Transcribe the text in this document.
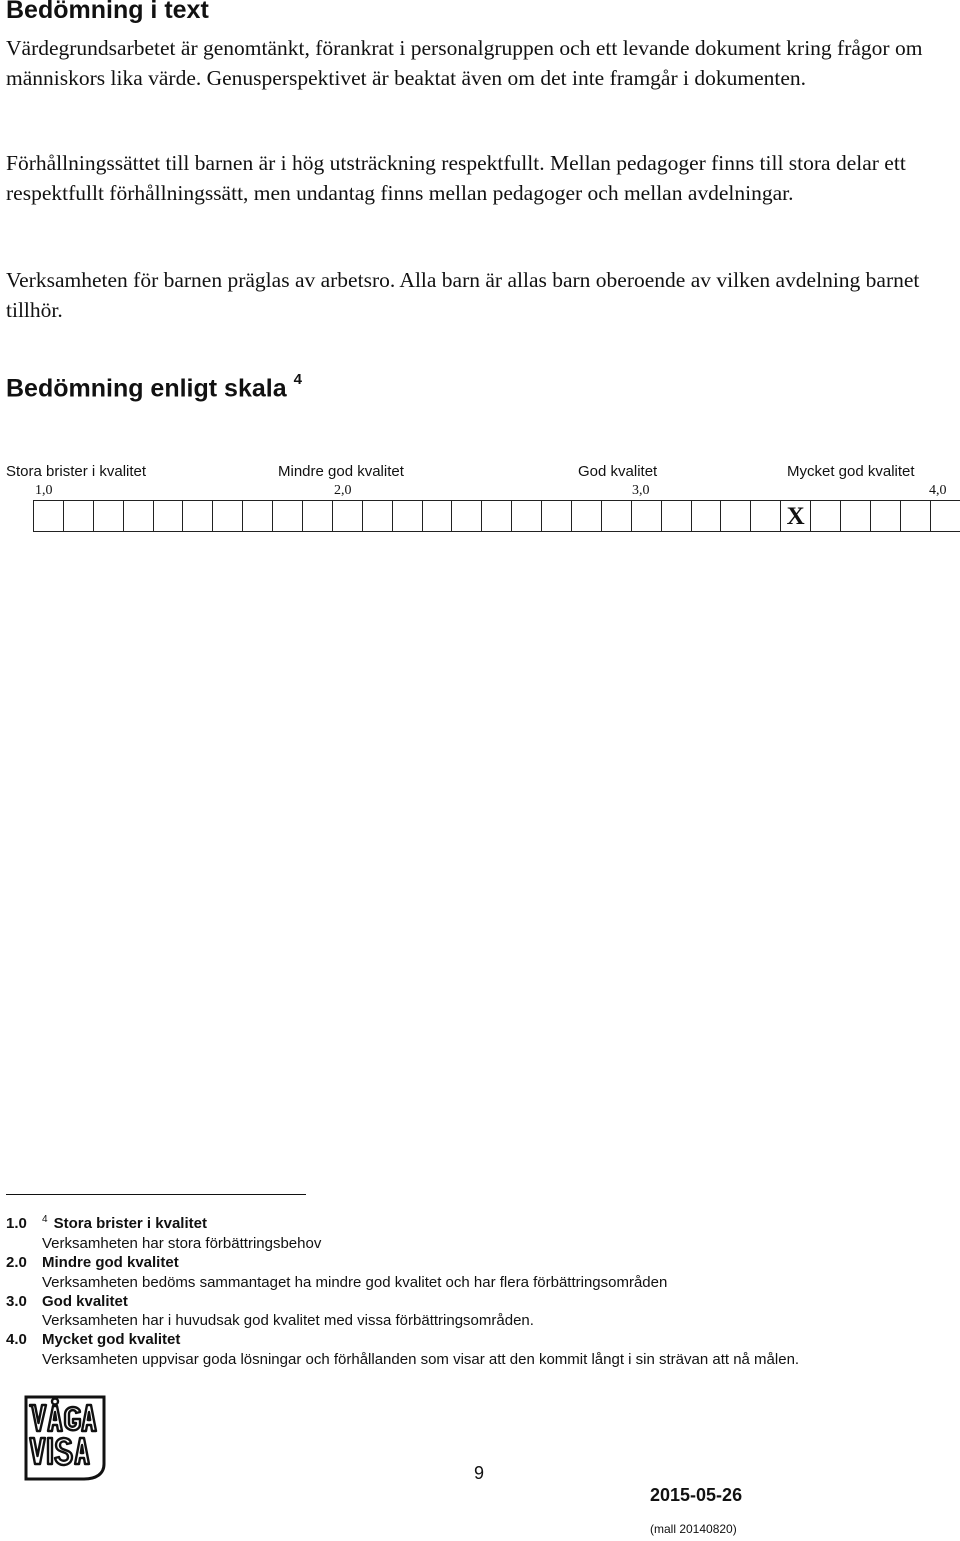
Bedömning i text

Värdegrundsarbetet är genomtänkt, förankrat i personalgruppen och ett levande dokument kring frågor om människors lika värde. Genusperspektivet är beaktat även om det inte framgår i dokumenten.

Förhållningssättet till barnen är i hög utsträckning respektfullt. Mellan pedagoger finns till stora delar ett respektfullt förhållningssätt, men undantag finns mellan pedagoger och mellan avdelningar.

Verksamheten för barnen präglas av arbetsro. Alla barn är allas barn oberoende av vilken avdelning barnet tillhör.

Bedömning enligt skala $^4$
Stora brister i kvalitet	Mindre god kvalitet	God kvalitet	Mycket god kvalitet
1,0	2,0	3,0	4,0
X
1.0 $^4$ Stora brister i kvalitet
Verksamheten har stora förbättringsbehov
2.0 Mindre god kvalitet
Verksamheten bedöms sammantaget ha mindre god kvalitet och har flera förbättringsområden
3.0 God kvalitet
Verksamheten har i huvudsak god kvalitet med vissa förbättringsområden.
4.0 Mycket god kvalitet
Verksamheten uppvisar goda lösningar och förhållanden som visar att den kommit långt i sin strävan att nå målen.
VÅGA
VISA	9
2015-05-26
(mall 20140820)
